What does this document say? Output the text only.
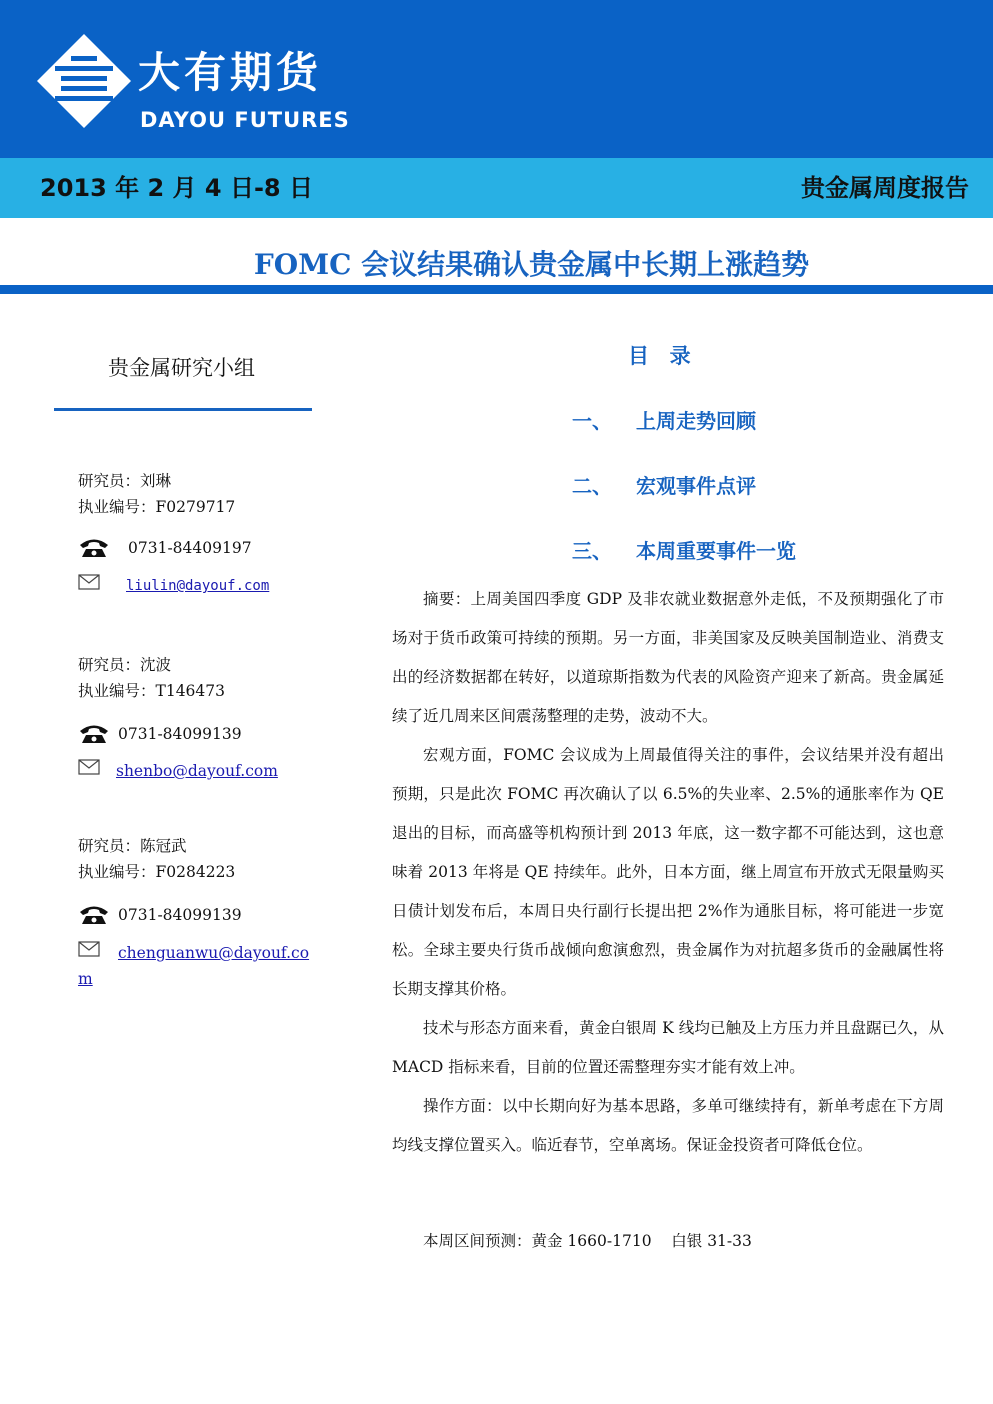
大有期货
DAYOU FUTURES
2013 年 2 月 4 日-8 日	贵金属周度报告
FOMC 会议结果确认贵金属中长期上涨趋势
贵金属研究小组
研究员：刘琳
执业编号：F0279717
0731-84409197
liulin@dayouf.com
研究员：沈波
执业编号：T146473
0731-84099139
shenbo@dayouf.com
研究员：陈冠武
执业编号：F0284223
0731-84099139
chenguanwu@dayouf.co
m
目  录
一、 上周走势回顾
二、 宏观事件点评
三、 本周重要事件一览

摘要：上周美国四季度 GDP 及非农就业数据意外走低，不及预期强化了市场对于货币政策可持续的预期。另一方面，非美国家及反映美国制造业、消费支出的经济数据都在转好，以道琼斯指数为代表的风险资产迎来了新高。贵金属延续了近几周来区间震荡整理的走势，波动不大。

宏观方面，FOMC 会议成为上周最值得关注的事件，会议结果并没有超出预期，只是此次 FOMC 再次确认了以 6.5%的失业率、2.5%的通胀率作为 QE 退出的目标，而高盛等机构预计到 2013 年底，这一数字都不可能达到，这也意味着 2013 年将是 QE 持续年。此外，日本方面，继上周宣布开放式无限量购买日债计划发布后，本周日央行副行长提出把 2%作为通胀目标，将可能进一步宽松。全球主要央行货币战倾向愈演愈烈，贵金属作为对抗超多货币的金融属性将长期支撑其价格。

技术与形态方面来看，黄金白银周 K 线均已触及上方压力并且盘踞已久，从 MACD 指标来看，目前的位置还需整理夯实才能有效上冲。

操作方面：以中长期向好为基本思路，多单可继续持有，新单考虑在下方周均线支撑位置买入。临近春节，空单离场。保证金投资者可降低仓位。

本周区间预测：黄金 1660-1710    白银 31-33
